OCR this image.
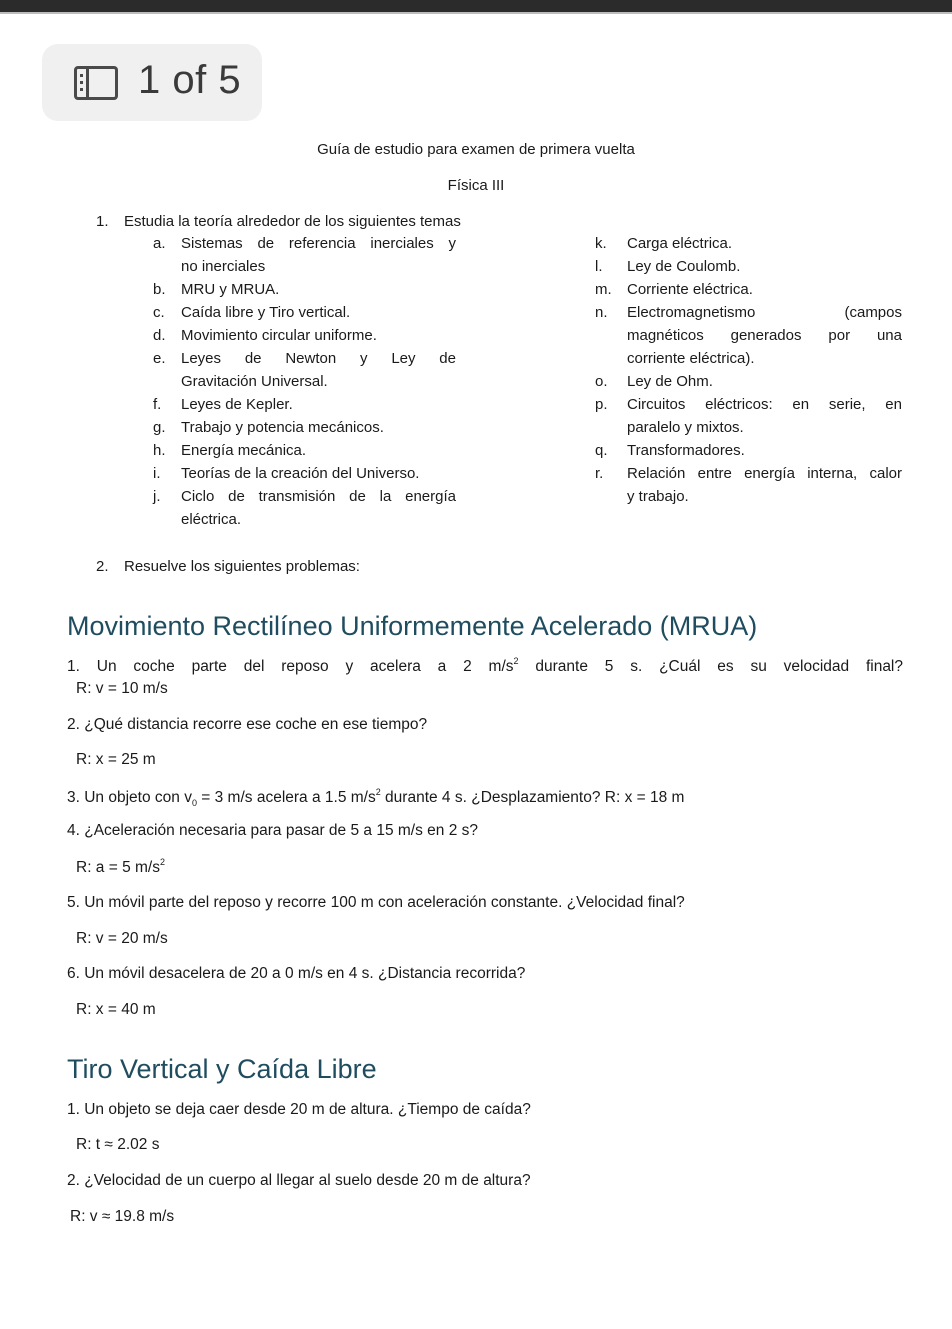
1 of 5
Guía de estudio para examen de primera vuelta
Física III
1. Estudia la teoría alrededor de los siguientes temas
a. Sistemas de referencia inerciales y
no inerciales
b. MRU y MRUA.
c. Caída libre y Tiro vertical.
d. Movimiento circular uniforme.
e. Leyes de Newton y Ley de
Gravitación Universal.
f. Leyes de Kepler.
g. Trabajo y potencia mecánicos.
h. Energía mecánica.
i. Teorías de la creación del Universo.
j. Ciclo de transmisión de la energía
eléctrica.
k. Carga eléctrica.
l. Ley de Coulomb.
m. Corriente eléctrica.
n. Electromagnetismo (campos
magnéticos generados por una
corriente eléctrica).
o. Ley de Ohm.
p. Circuitos eléctricos: en serie, en
paralelo y mixtos.
q. Transformadores.
r. Relación entre energía interna, calor
y trabajo.
2. Resuelve los siguientes problemas:
Movimiento Rectilíneo Uniformemente Acelerado (MRUA)
1. Un coche parte del reposo y acelera a 2 $m/s^2$ durante 5 s. ¿Cuál es su velocidad final?
R: v = 10 m/s
2. ¿Qué distancia recorre ese coche en ese tiempo?
R: x = 25 m
3. Un objeto con $v_0 = 3$ m/s acelera a 1.5 $m/s^2$ durante 4 s. ¿Desplazamiento? R: x = 18 m
4. ¿Aceleración necesaria para pasar de 5 a 15 m/s en 2 s?
R: a = 5 $m/s^2$
5. Un móvil parte del reposo y recorre 100 m con aceleración constante. ¿Velocidad final?
R: v = 20 m/s
6. Un móvil desacelera de 20 a 0 m/s en 4 s. ¿Distancia recorrida?
R: x = 40 m
Tiro Vertical y Caída Libre
1. Un objeto se deja caer desde 20 m de altura. ¿Tiempo de caída?
R: t ≈ 2.02 s
2. ¿Velocidad de un cuerpo al llegar al suelo desde 20 m de altura?
R: v ≈ 19.8 m/s
